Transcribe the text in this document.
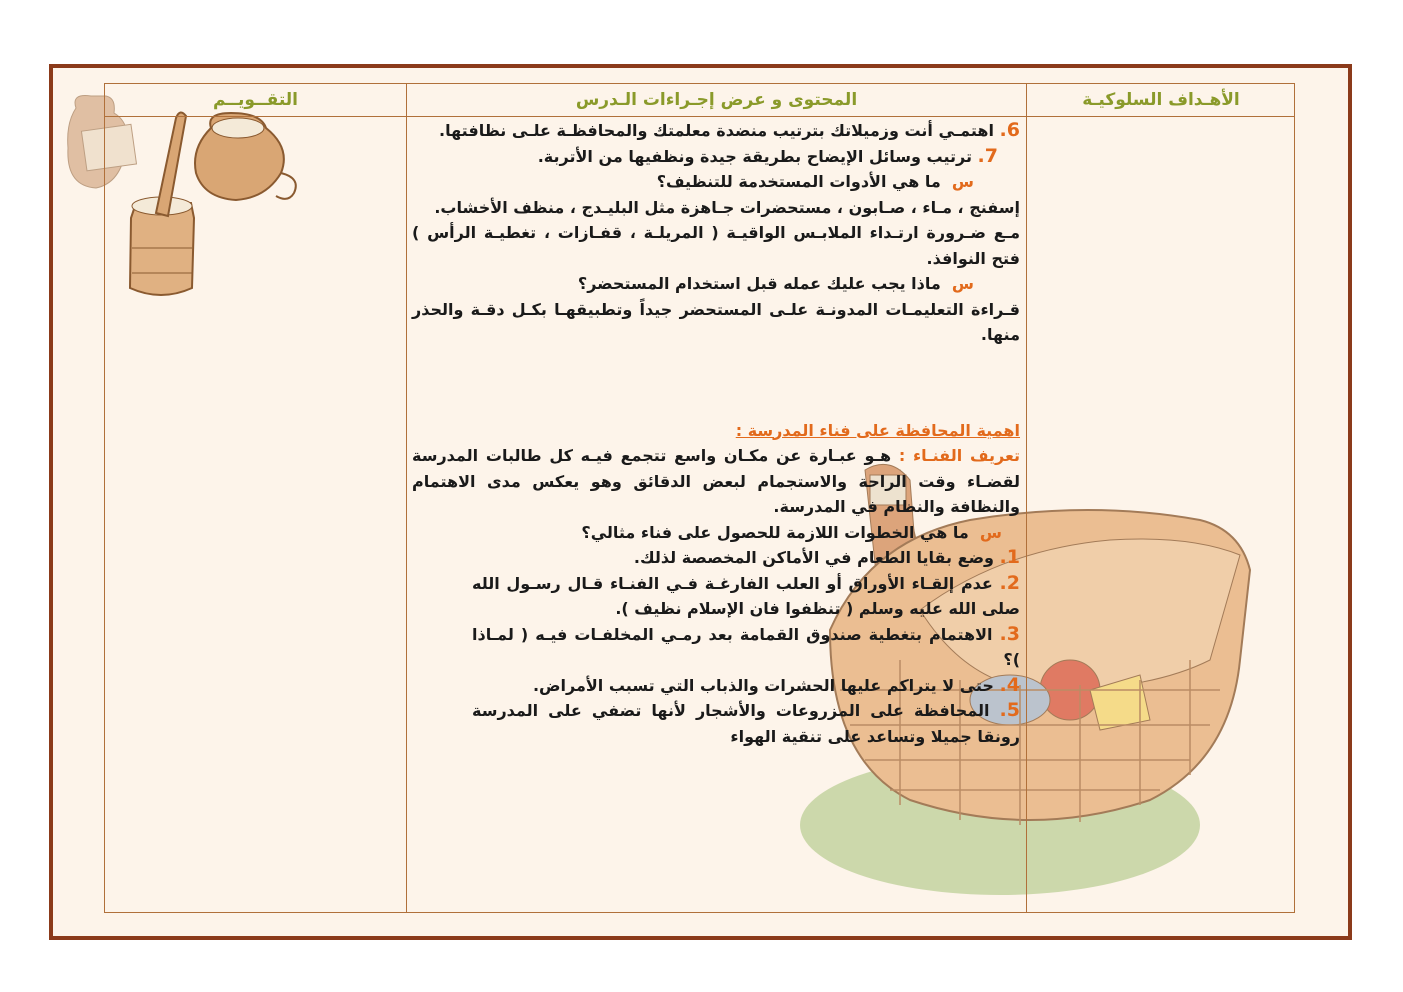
الأهـداف السلوكيـة
المحتوى و عرض إجـراءات الـدرس
التقــويــم

6. اهتمـي أنت وزميلاتك بترتيب منضدة معلمتك والمحافظـة علـى نظافتها.

7. ترتيب وسائل الإيضاح بطريقة جيدة ونظفيها من الأتربة.

س  ما هي الأدوات المستخدمة للتنظيف؟

إسفنج ، مـاء ، صـابون ، مستحضرات جـاهزة مثل البليـدج ، منظف الأخشاب.

مـع ضـرورة ارتـداء الملابـس الواقيـة ( المريلـة ، قفـازات ، تغطيـة الرأس ) فتح النوافذ.

س  ماذا يجب عليك عمله قبل استخدام المستحضر؟

قـراءة التعليمـات المدونـة علـى المستحضر جيداً وتطبيقهـا بكـل دقـة والحذر منها.

اهمية المحافظة على فناء المدرسة :

تعريف الفنـاء : هـو عبـارة عن مكـان واسع تتجمع فيـه كل طالبات المدرسة لقضـاء وقت الراحة والاستجمام لبعض الدقائق وهو يعكس مدى الاهتمام والنظافة والنظام في المدرسة.

س  ما هي الخطوات اللازمة للحصول على فناء مثالي؟

1. وضع بقايا الطعام في الأماكن المخصصة لذلك.

2. عدم إلقـاء الأوراق أو العلب الفارغـة فـي الفنـاء قـال رسـول الله صلى الله عليه وسلم ( تنظفوا فان الإسلام نظيف ).

3. الاهتمام بتغطية صندوق القمامة بعد رمـي المخلفـات فيـه ( لمـاذا )؟

4. حتى لا يتراكم عليها الحشرات والذباب التي تسبب الأمراض.

5. المحافظة على المزروعات والأشجار لأنها تضفي على المدرسة رونقا جميلا وتساعد على تنقية الهواء
